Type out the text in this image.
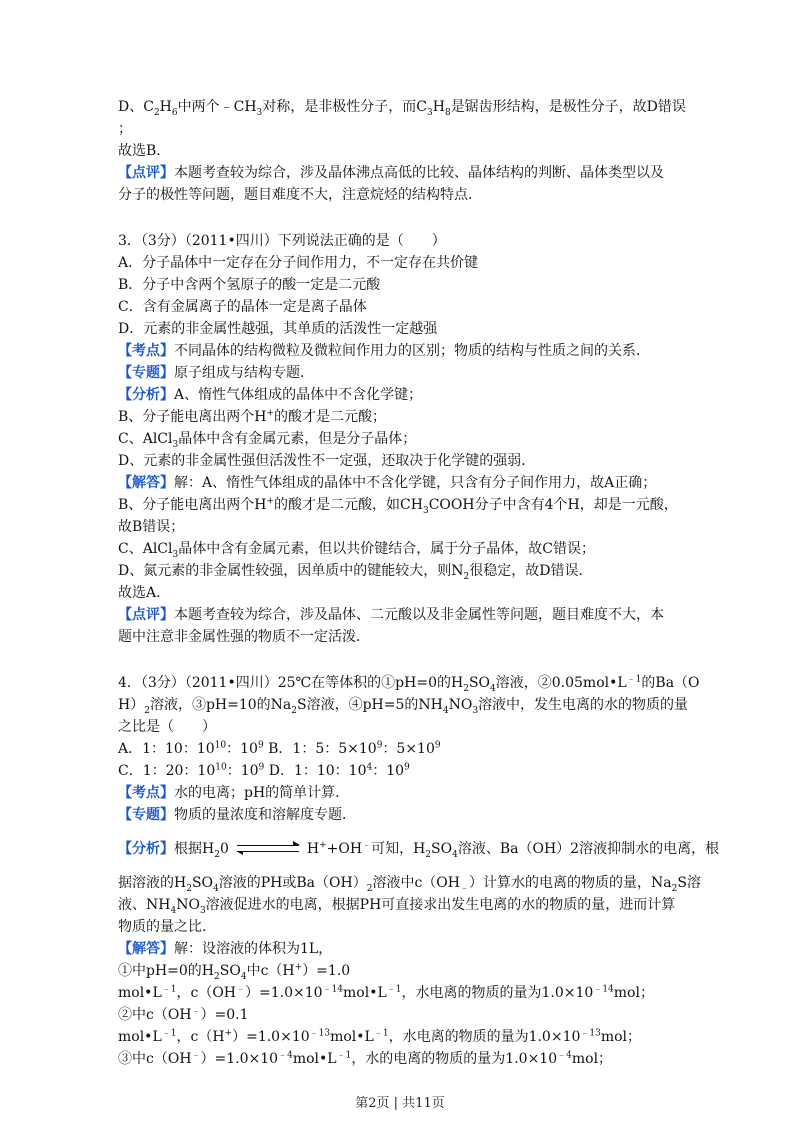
D、$C_2H_6$中两个$﹣CH_3$对称，是非极性分子，而$C_3H_8$是锯齿形结构，是极性分子，故D错误
；
故选B．
【点评】本题考查较为综合，涉及晶体沸点高低的比较、晶体结构的判断、晶体类型以及
分子的极性等问题，题目难度不大，注意烷烃的结构特点．
3．（3分）（2011•四川）下列说法正确的是（　　）
A．分子晶体中一定存在分子间作用力，不一定存在共价键
B．分子中含两个氢原子的酸一定是二元酸
C．含有金属离子的晶体一定是离子晶体
D．元素的非金属性越强，其单质的活泼性一定越强
【考点】不同晶体的结构微粒及微粒间作用力的区别；物质的结构与性质之间的关系．
【专题】原子组成与结构专题．
【分析】A、惰性气体组成的晶体中不含化学键；
B、分子能电离出两个H+的酸才是二元酸；
C、AlCl$_3$晶体中含有金属元素，但是分子晶体；
D、元素的非金属性强但活泼性不一定强，还取决于化学键的强弱．
【解答】解：A、惰性气体组成的晶体中不含化学键，只含有分子间作用力，故A正确；
B、分子能电离出两个H+的酸才是二元酸，如$CH_3COOH$分子中含有4个H，却是一元酸，
故B错误；
C、AlCl$_3$晶体中含有金属元素，但以共价键结合，属于分子晶体，故C错误；
D、氮元素的非金属性较强，因单质中的键能较大，则$N_2$很稳定，故D错误．
故选A．
【点评】本题考查较为综合，涉及晶体、二元酸以及非金属性等问题，题目难度不大，本
题中注意非金属性强的物质不一定活泼．
4．（3分）（2011•四川）25℃在等体积的①pH=0的$H_2SO_4$溶液，$②0.05mol•L^{﹣1}$的Ba（O
$H)_2$溶液，③pH=10的$Na_2S$溶液，④pH=5的$NH_4NO_3$溶液中，发生电离的水的物质的量
之比是（　　）
A．1：10：$10^{10}$：$10^9$ B．1：5：$5\times 10^9$：$5\times 10^9$
C．1：20：$10^{10}$：$10^9$ D．1：10：$10^4$：$10^9$
【考点】水的电离；pH的简单计算．
【专题】物质的量浓度和溶解度专题．
【分析】根据$H_20$	H++OH﹣可知，$H_2SO_4$溶液、Ba（OH）2溶液抑制水的电离，根
据溶液的$H_2SO_4$溶液的PH或$Ba(OH)_2$溶液中$c(OH_﹣)$计算水的电离的物质的量，$Na_2S$溶
液、$NH_4NO_3$溶液促进水的电离，根据PH可直接求出发生电离的水的物质的量，进而计算
物质的量之比．
【解答】解：设溶液的体积为1L，
①中pH=0的$H_2SO_4$中c（H+）=1.0
$mol•L^{﹣1}$，$c(OH^﹣)=1.0\times 10^{﹣14}mol•L^{﹣1}$，水电离的物质的量为$1.0\times 10^{﹣14}mol$；
②中c（OH﹣）=0.1
$mol•L^{﹣1}$，$c(H^+)=1.0\times 10^{﹣13}mol•L^{﹣1}$，水电离的物质的量为$1.0\times 10^{﹣13}mol$；
③中$c(OH^﹣)=1.0\times 10^{﹣4}mol•L^{﹣1}$，水的电离的物质的量为$1.0\times 10^{﹣4}mol$；
第2页 | 共11页
